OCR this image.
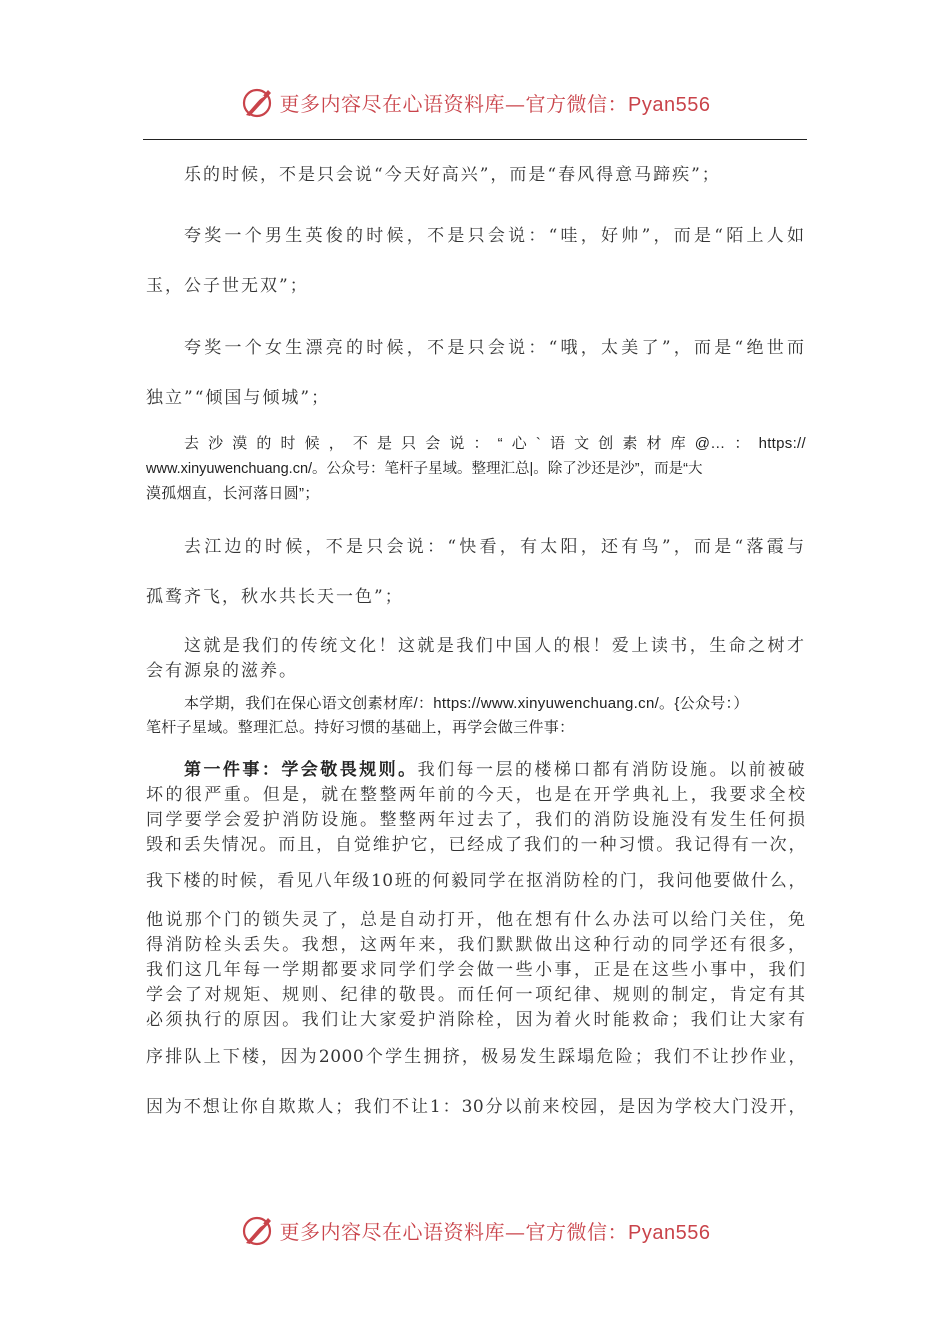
更多内容尽在心语资料库—官方微信：Pyan556
乐的时候，不是只会说“今天好高兴”，而是“春风得意马蹄疾”；
夸奖一个男生英俊的时候，不是只会说：“哇，好帅”，而是“陌上人如
玉，公子世无双”；
夸奖一个女生漂亮的时候，不是只会说：“哦，太美了”，而是“绝世而
独立”“倾国与倾城”；
去沙漠的时候，不是只会说：“心`语文创素材库@…：https://
www.xinyuwenchuang.cn/。公众号：笔杆子星域。整理汇总|。除了沙还是沙”，而是“大
漠孤烟直，长河落日圆”；
去江边的时候，不是只会说：“快看，有太阳，还有鸟”，而是“落霞与
孤鹜齐飞，秋水共长天一色”；
这就是我们的传统文化！这就是我们中国人的根！爱上读书，生命之树才
会有源泉的滋养。
本学期，我们在保心语文创素材库/：https://www.xinyuwenchuang.cn/。{公众号：）
笔杆子星域。整理汇总。持好习惯的基础上，再学会做三件事：
第一件事：学会敬畏规则。我们每一层的楼梯口都有消防设施。以前被破
坏的很严重。但是，就在整整两年前的今天，也是在开学典礼上，我要求全校
同学要学会爱护消防设施。整整两年过去了，我们的消防设施没有发生任何损
毁和丢失情况。而且，自觉维护它，已经成了我们的一种习惯。我记得有一次，
我下楼的时候，看见八年级10班的何毅同学在抠消防栓的门，我问他要做什么，
他说那个门的锁失灵了，总是自动打开，他在想有什么办法可以给门关住，免
得消防栓头丢失。我想，这两年来，我们默默做出这种行动的同学还有很多，
我们这几年每一学期都要求同学们学会做一些小事，正是在这些小事中，我们
学会了对规矩、规则、纪律的敬畏。而任何一项纪律、规则的制定，肯定有其
必须执行的原因。我们让大家爱护消除栓，因为着火时能救命；我们让大家有
序排队上下楼，因为2000个学生拥挤，极易发生踩塌危险；我们不让抄作业，
因为不想让你自欺欺人；我们不让1：30分以前来校园，是因为学校大门没开，
更多内容尽在心语资料库—官方微信：Pyan556
